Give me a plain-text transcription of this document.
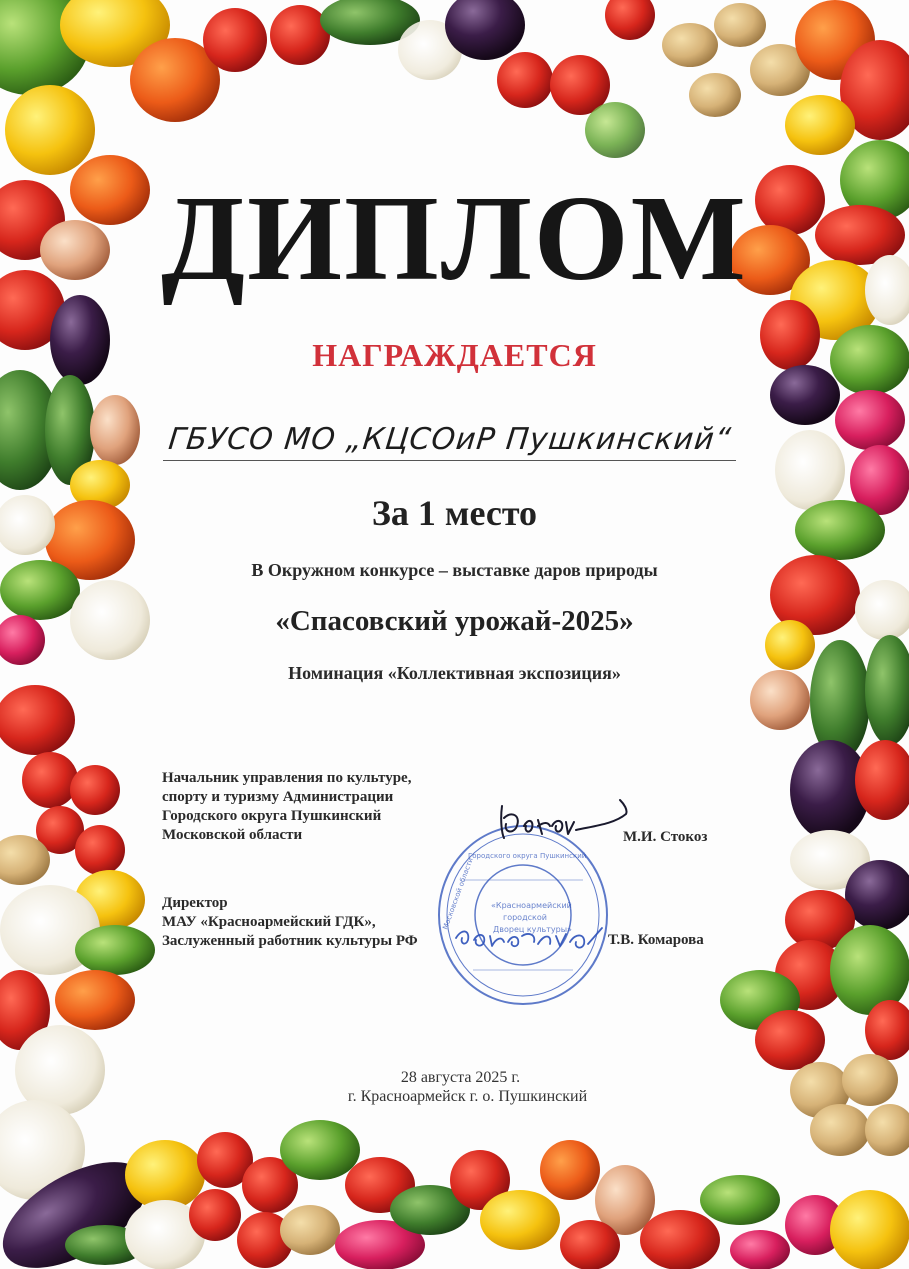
ДИПЛОМ
НАГРАЖДАЕТСЯ
ГБУСО МО „КЦСОиР Пушкинский“
За 1 место
В Окружном конкурсе – выставке даров природы
«Спасовский урожай-2025»
Номинация «Коллективная экспозиция»
Начальник управления по культуре,
спорту и туризму Администрации
Городского округа Пушкинский
Московской области	М.И. Стокоз
Директор
МАУ «Красноармейский ГДК»,
Заслуженный работник культуры РФ	Т.В. Комарова
Городского округа Пушкинский
Московской области «Красноармейский
городской
Дворец культуры»
28 августа 2025 г.
г. Красноармейск г. о. Пушкинский
